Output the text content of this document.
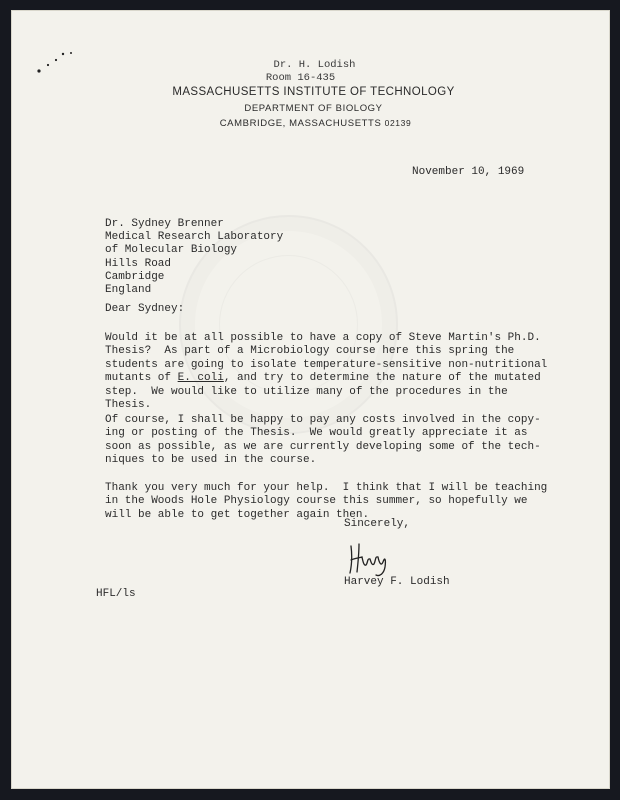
Dr. H. Lodish
Room 16-435
MASSACHUSETTS INSTITUTE OF TECHNOLOGY
DEPARTMENT OF BIOLOGY
CAMBRIDGE, MASSACHUSETTS 02139
November 10, 1969
Dr. Sydney Brenner
Medical Research Laboratory
of Molecular Biology
Hills Road
Cambridge
England
Dear Sydney:
Would it be at all possible to have a copy of Steve Martin's Ph.D.
Thesis?  As part of a Microbiology course here this spring the
students are going to isolate temperature-sensitive non-nutritional
mutants of E. coli, and try to determine the nature of the mutated
step.  We would like to utilize many of the procedures in the
Thesis.
Of course, I shall be happy to pay any costs involved in the copy-
ing or posting of the Thesis.  We would greatly appreciate it as
soon as possible, as we are currently developing some of the tech-
niques to be used in the course.
Thank you very much for your help.  I think that I will be teaching
in the Woods Hole Physiology course this summer, so hopefully we
will be able to get together again then.
Sincerely,
Harvey F. Lodish
HFL/ls
